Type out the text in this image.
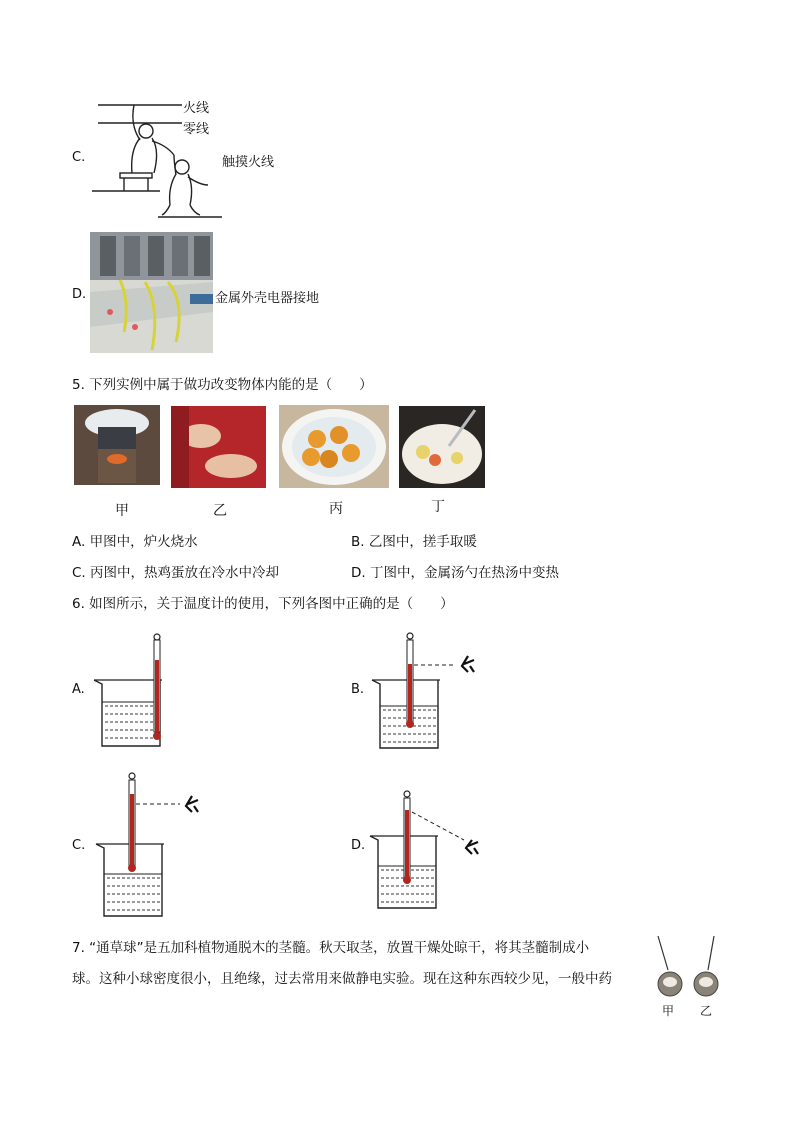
C.
火线
零线
触摸火线
D.	金属外壳电器接地
5. 下列实例中属于做功改变物体内能的是（　　）
甲	乙	丙	丁
A. 甲图中，炉火烧水	B. 乙图中，搓手取暖
C. 丙图中，热鸡蛋放在冷水中冷却	D. 丁图中，金属汤勺在热汤中变热
6. 如图所示，关于温度计的使用，下列各图中正确的是（　　）
A.	B.
C.	D.
7. “通草球”是五加科植物通脱木的茎髓。秋天取茎，放置干燥处晾干，将其茎髓制成小
球。这种小球密度很小，且绝缘，过去常用来做静电实验。现在这种东西较少见，一般中药
甲 乙
